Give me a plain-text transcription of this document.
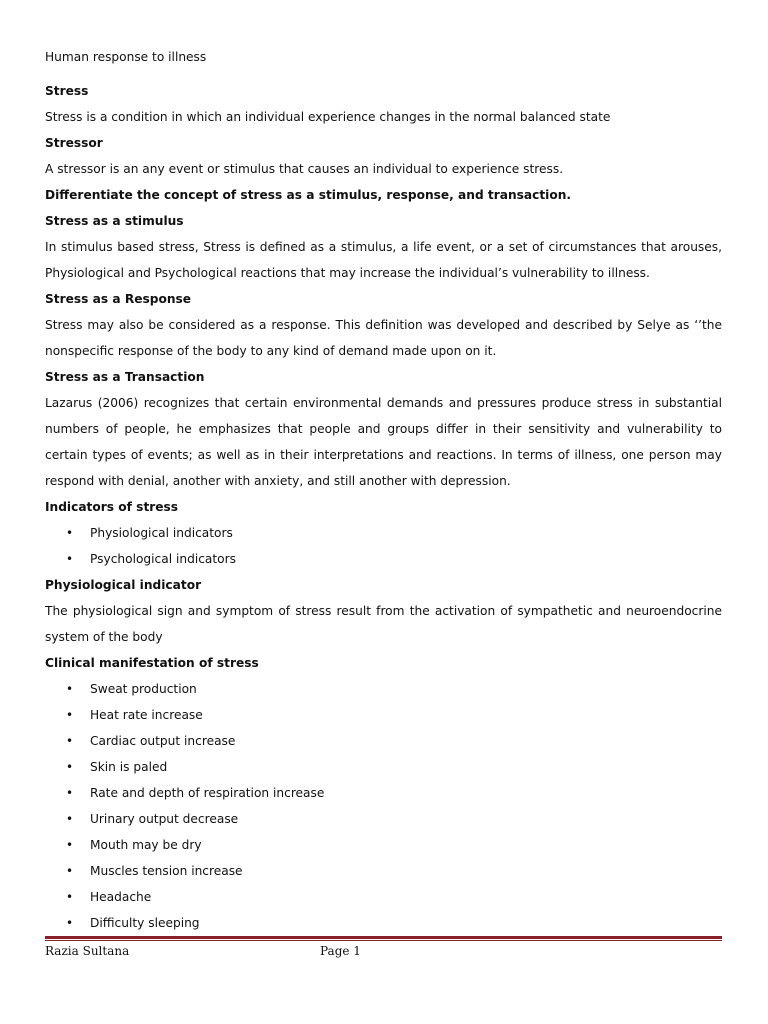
Human response to illness

Stress

Stress is a condition in which an individual experience changes in the normal balanced state

Stressor

A stressor is an any event or stimulus that causes an individual to experience stress.

Differentiate the concept of stress as a stimulus, response, and transaction.

Stress as a stimulus

In stimulus based stress, Stress is defined as a stimulus, a life event, or a set of circumstances that arouses, Physiological and Psychological reactions that may increase the individual’s vulnerability to illness.

Stress as a Response

Stress may also be considered as a response. This definition was developed and described by Selye as ‘’the nonspecific response of the body to any kind of demand made upon on it.

Stress as a Transaction

Lazarus (2006) recognizes that certain environmental demands and pressures produce stress in substantial numbers of people, he emphasizes that people and groups differ in their sensitivity and vulnerability to certain types of events; as well as in their interpretations and reactions. In terms of illness, one person may respond with denial, another with anxiety, and still another with depression.

Indicators of stress

• Physiological indicators
• Psychological indicators

Physiological indicator

The physiological sign and symptom of stress result from the activation of sympathetic and neuroendocrine system of the body

Clinical manifestation of stress

• Sweat production
• Heat rate increase
• Cardiac output increase
• Skin is paled
• Rate and depth of respiration increase
• Urinary output decrease
• Mouth may be dry
• Muscles tension increase
• Headache
• Difficulty sleeping
Razia Sultana	Page 1
